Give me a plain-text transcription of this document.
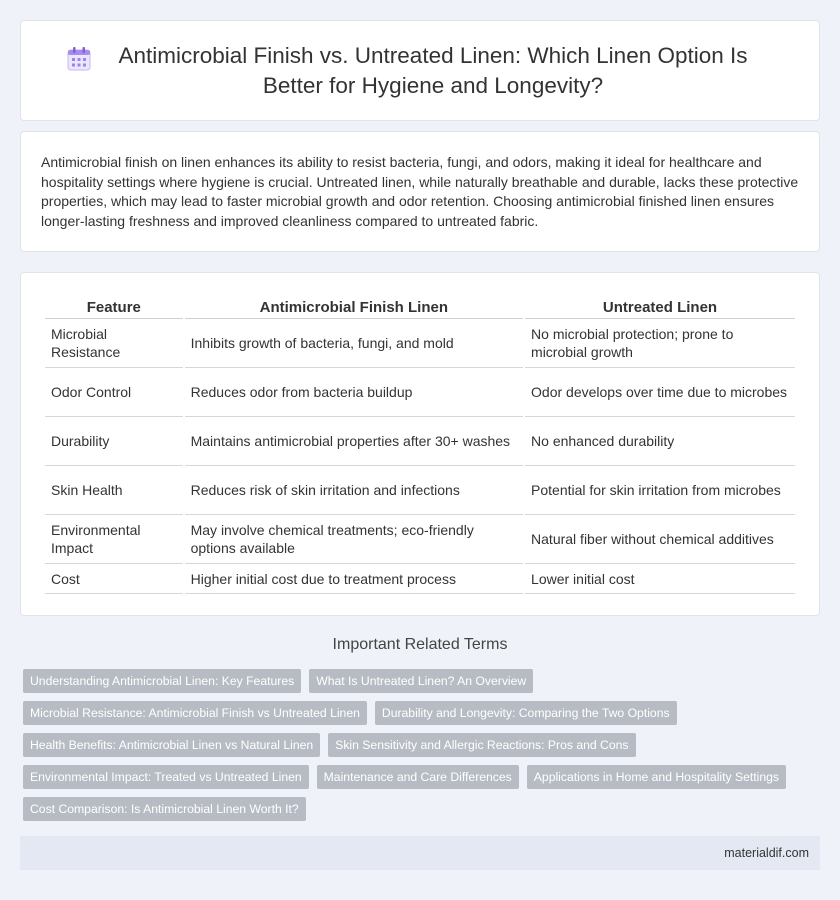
Antimicrobial Finish vs. Untreated Linen: Which Linen Option Is Better for Hygiene and Longevity?

Antimicrobial finish on linen enhances its ability to resist bacteria, fungi, and odors, making it ideal for healthcare and hospitality settings where hygiene is crucial. Untreated linen, while naturally breathable and durable, lacks these protective properties, which may lead to faster microbial growth and odor retention. Choosing antimicrobial finished linen ensures longer-lasting freshness and improved cleanliness compared to untreated fabric.

Feature	Antimicrobial Finish Linen	Untreated Linen
Microbial Resistance	Inhibits growth of bacteria, fungi, and mold	No microbial protection; prone to microbial growth
Odor Control	Reduces odor from bacteria buildup	Odor develops over time due to microbes
Durability	Maintains antimicrobial properties after 30+ washes	No enhanced durability
Skin Health	Reduces risk of skin irritation and infections	Potential for skin irritation from microbes
Environmental Impact	May involve chemical treatments; eco-friendly options available	Natural fiber without chemical additives
Cost	Higher initial cost due to treatment process	Lower initial cost
Important Related Terms
Understanding Antimicrobial Linen: Key Features	What Is Untreated Linen? An Overview
Microbial Resistance: Antimicrobial Finish vs Untreated Linen	Durability and Longevity: Comparing the Two Options
Health Benefits: Antimicrobial Linen vs Natural Linen	Skin Sensitivity and Allergic Reactions: Pros and Cons
Environmental Impact: Treated vs Untreated Linen	Maintenance and Care Differences	Applications in Home and Hospitality Settings
Cost Comparison: Is Antimicrobial Linen Worth It?
materialdif.com
